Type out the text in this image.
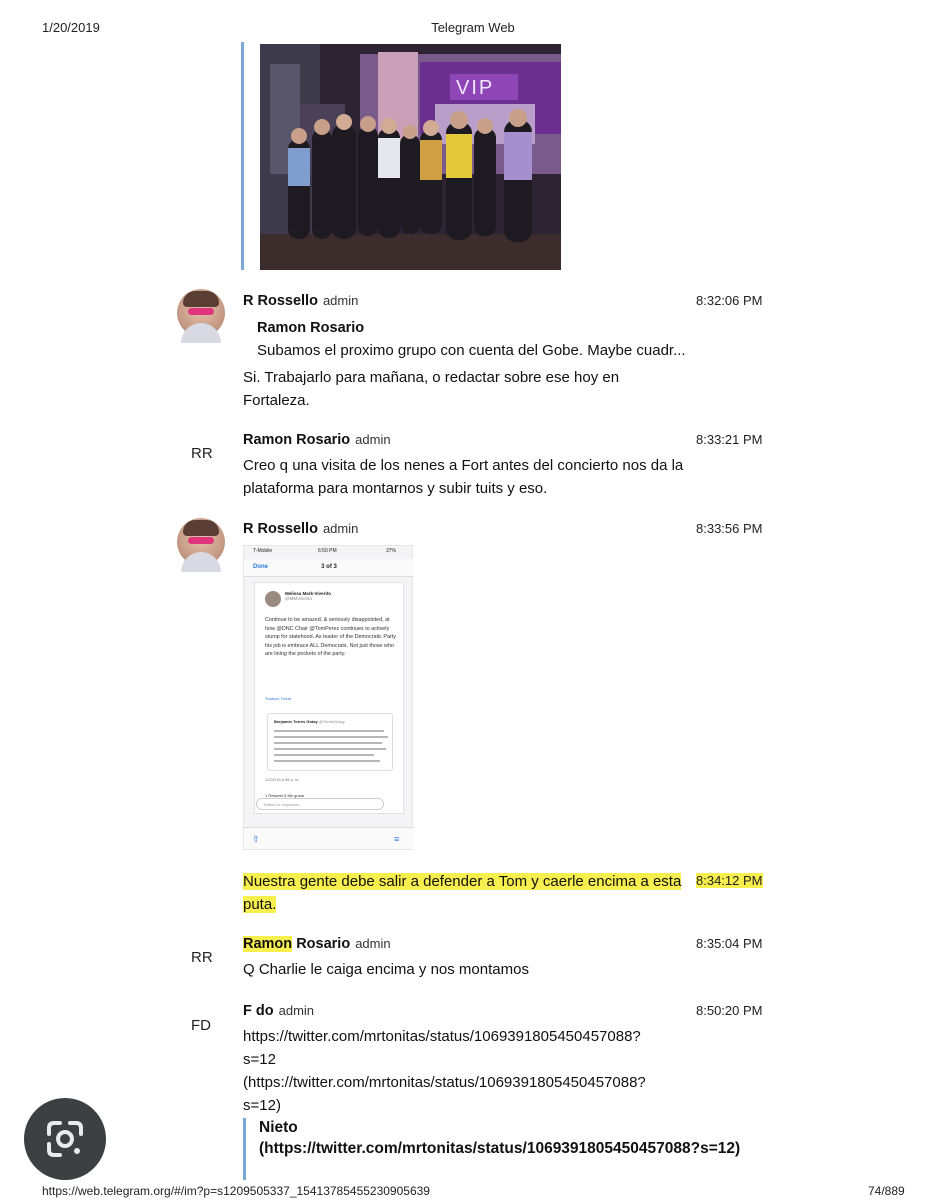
Telegram Web
1/20/2019
VIP
R Rossello admin	8:32:06 PM
Ramon Rosario
Subamos el proximo grupo con cuenta del Gobe. Maybe cuadr...
Si. Trabajarlo para mañana, o redactar sobre ese hoy en
Fortaleza.
RR
Ramon Rosario admin	8:33:21 PM
Creo q una visita de los nenes a Fort antes del concierto nos da la
plataforma para montarnos y subir tuits y eso.
R Rossello admin	8:33:56 PM
T-Mobile	6:50 PM	37%
Done	3 of 3
Melissa Mark-Viverito
@MMViverito
Continue to be amazed, & seriously disappointed, at how @DNC Chair @TomPerez continues to actively stump for statehood. As leader of the Democratic Party his job is embrace ALL Democrats. Not just those who are lining the pockets of the party.
Traducir Tweet
Benjamin Torres Gotay @TorresGotay
12/02/18 6:38 p. m.
1 Retweet 5 Me gusta
Twittea tu respuesta
⇧	≡
8:34:12 PM
Nuestra gente debe salir a defender a Tom y caerle encima a esta
puta.
RR
Ramon Rosario admin	8:35:04 PM
Q Charlie le caiga encima y nos montamos
FD
F do admin	8:50:20 PM
https://twitter.com/mrtonitas/status/1069391805450457088?
s=12
(https://twitter.com/mrtonitas/status/1069391805450457088?
s=12)
Nieto
(https://twitter.com/mrtonitas/status/1069391805450457088?s=12)
https://web.telegram.org/#/im?p=s1209505337_15413785455230905639	74/889
